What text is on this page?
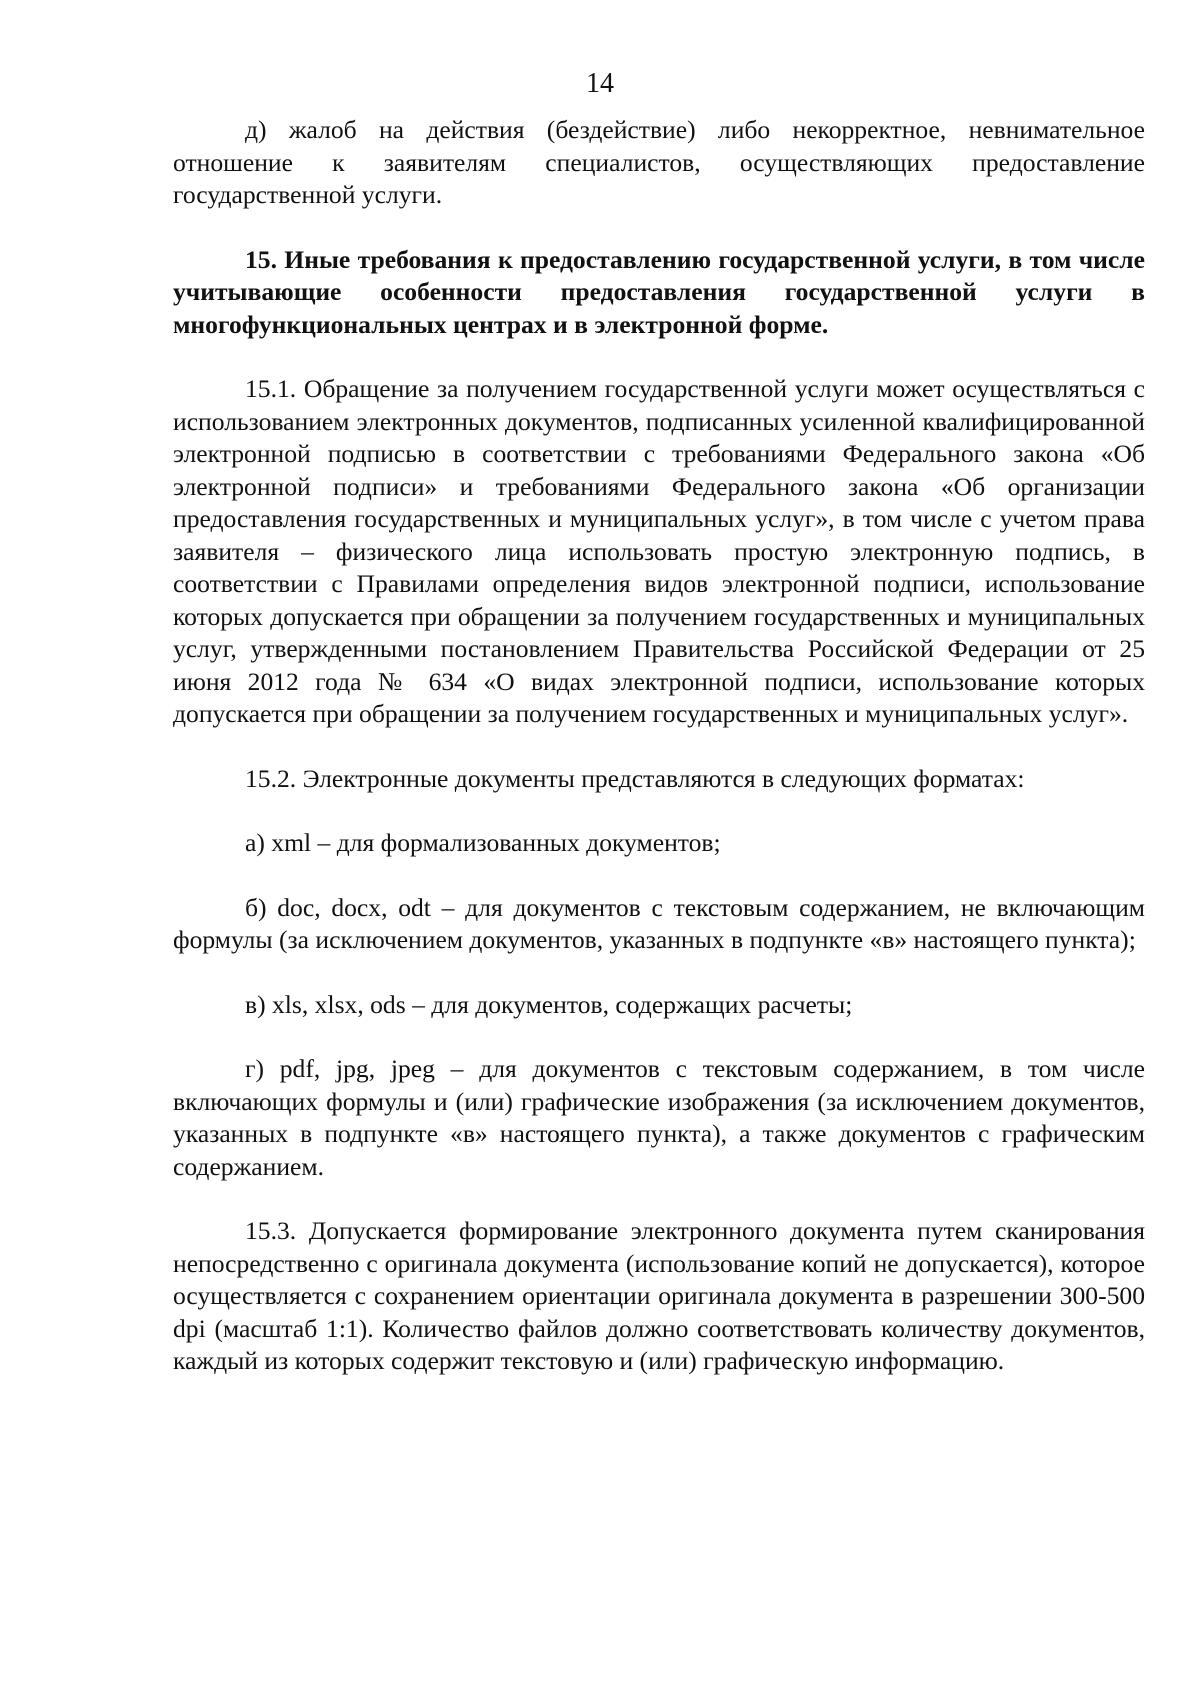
14

д) жалоб на действия (бездействие) либо некорректное, невнимательное отношение к заявителям специалистов, осуществляющих предоставление государственной услуги.

15. Иные требования к предоставлению государственной услуги, в том числе учитывающие особенности предоставления государственной услуги в многофункциональных центрах и в электронной форме.

15.1. Обращение за получением государственной услуги может осуществляться с использованием электронных документов, подписанных усиленной квалифицированной электронной подписью в соответствии с требованиями Федерального закона «Об электронной подписи» и требованиями Федерального закона «Об организации предоставления государственных и муниципальных услуг», в том числе с учетом права заявителя – физического лица использовать простую электронную подпись, в соответствии с Правилами определения видов электронной подписи, использование которых допускается при обращении за получением государственных и муниципальных услуг, утвержденными постановлением Правительства Российской Федерации от 25 июня 2012 года № 634 «О видах электронной подписи, использование которых допускается при обращении за получением государственных и муниципальных услуг».

15.2. Электронные документы представляются в следующих форматах:

а) xml – для формализованных документов;

б) doc, docx, odt – для документов с текстовым содержанием, не включающим формулы (за исключением документов, указанных в подпункте «в» настоящего пункта);

в) xls, xlsx, ods – для документов, содержащих расчеты;

г) pdf, jpg, jpeg – для документов с текстовым содержанием, в том числе включающих формулы и (или) графические изображения (за исключением документов, указанных в подпункте «в» настоящего пункта), а также документов с графическим содержанием.

15.3. Допускается формирование электронного документа путем сканирования непосредственно с оригинала документа (использование копий не допускается), которое осуществляется с сохранением ориентации оригинала документа в разрешении 300-500 dpi (масштаб 1:1). Количество файлов должно соответствовать количеству документов, каждый из которых содержит текстовую и (или) графическую информацию.
